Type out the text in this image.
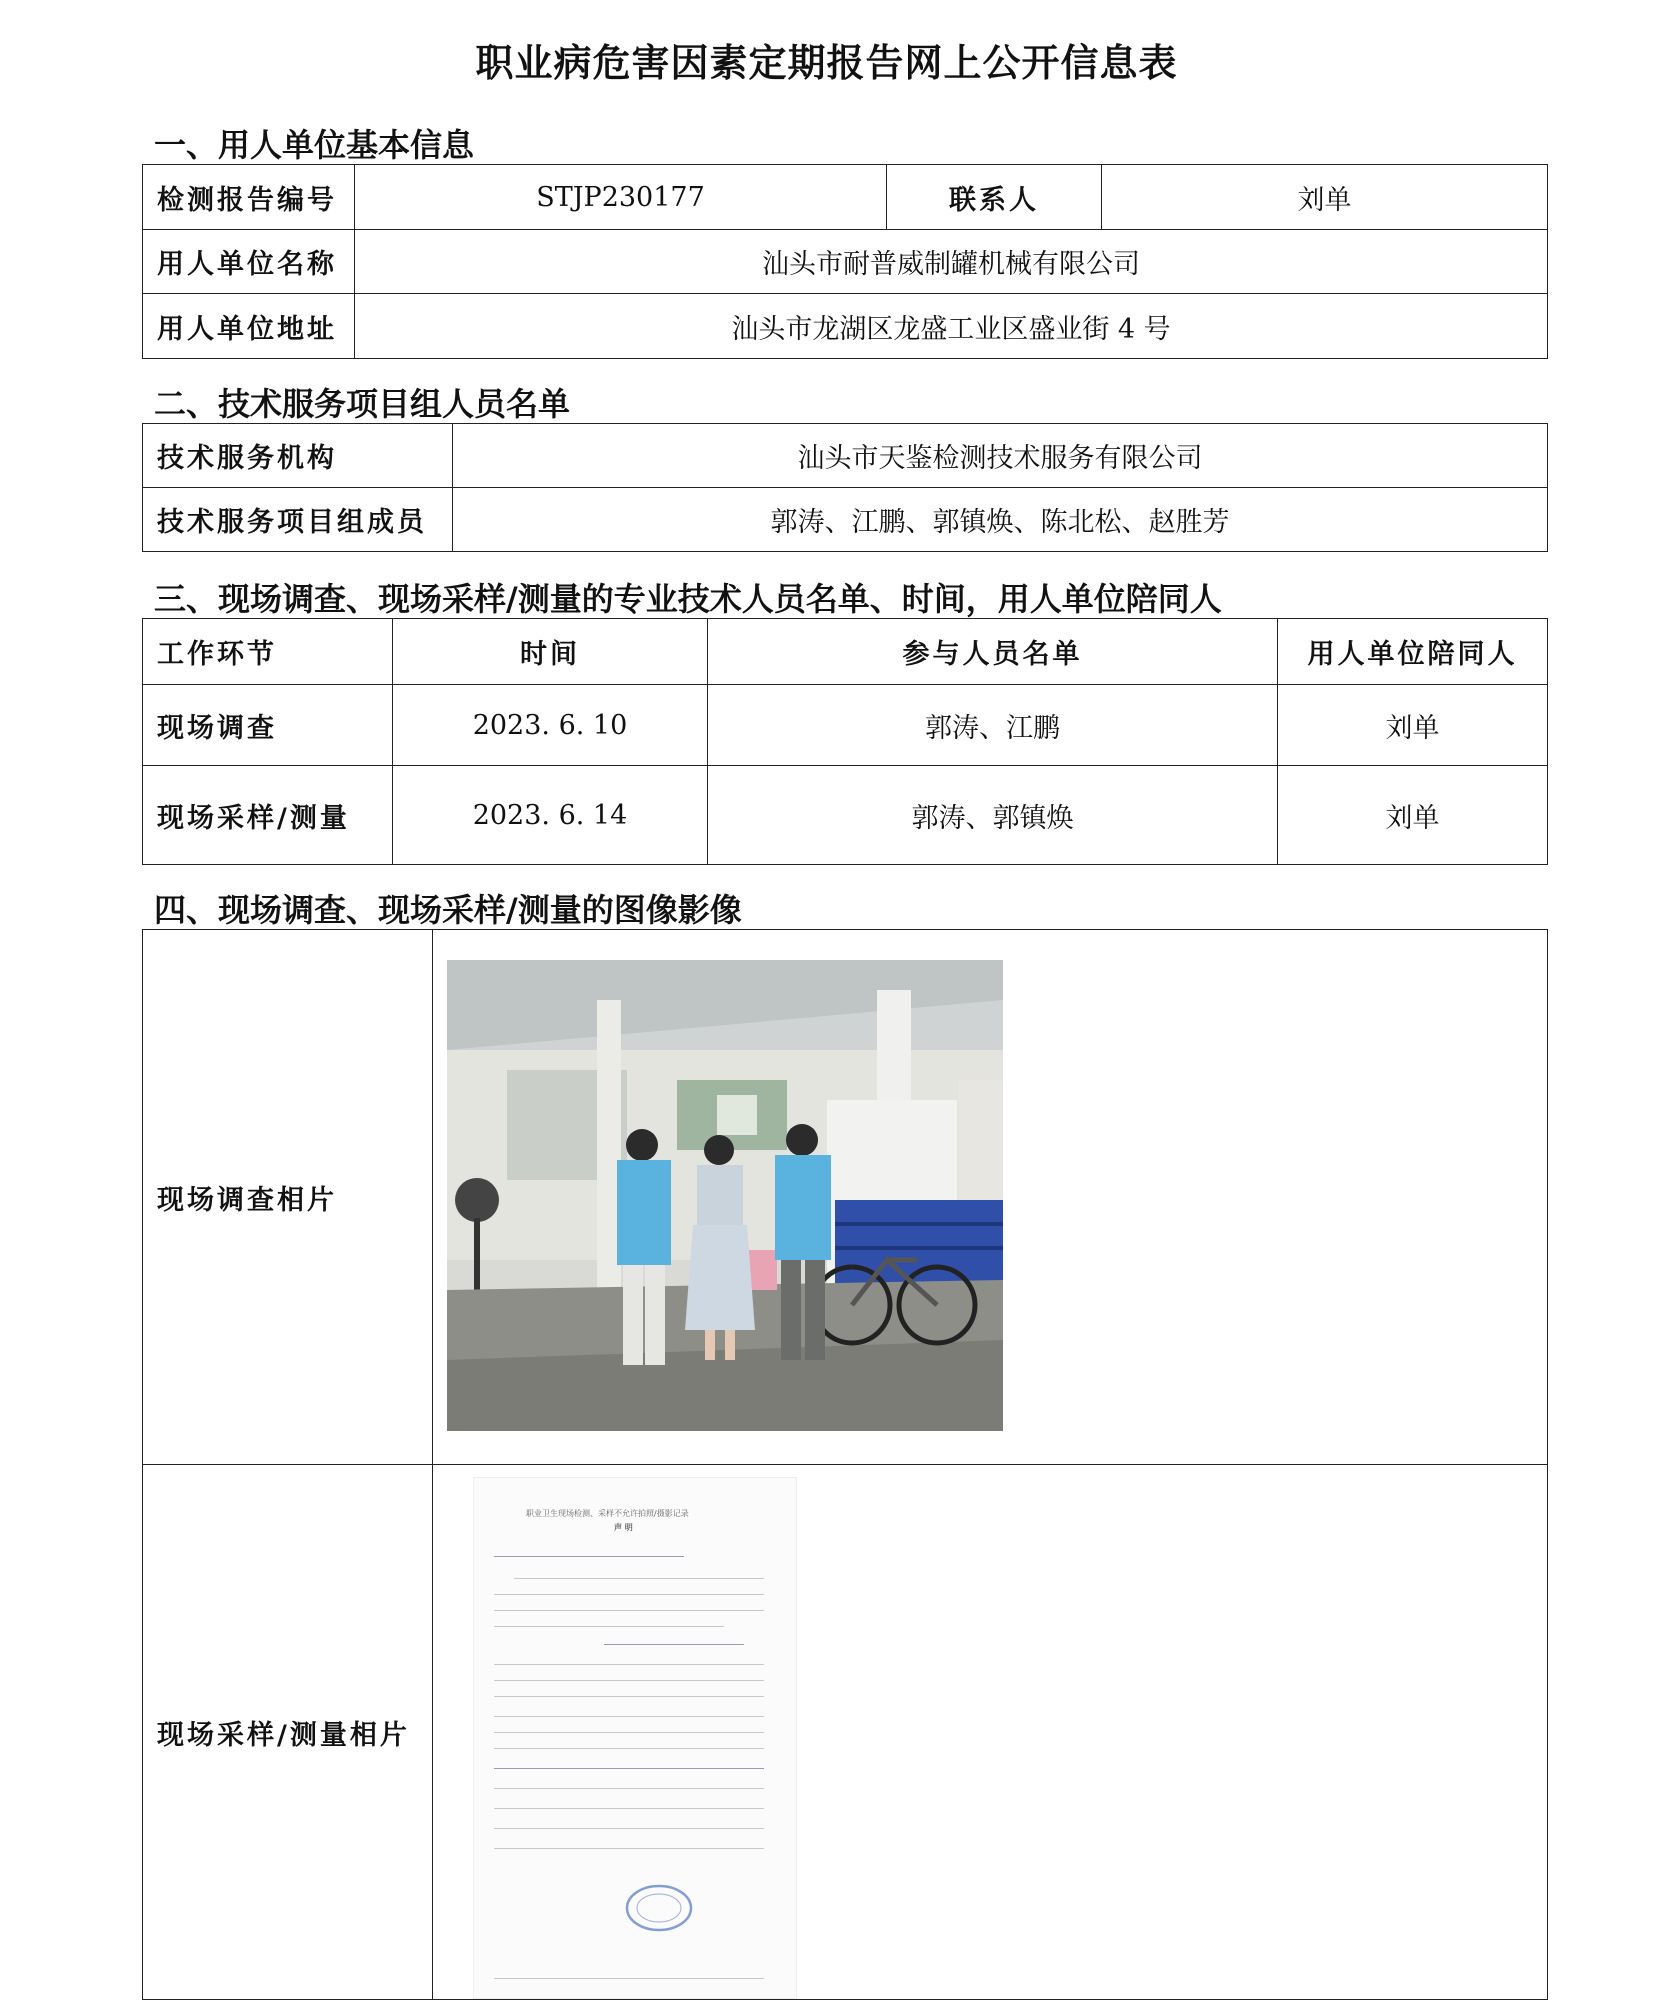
职业病危害因素定期报告网上公开信息表
一、用人单位基本信息
检测报告编号	STJP230177	联系人	刘单
用人单位名称	汕头市耐普威制罐机械有限公司		
用人单位地址	汕头市龙湖区龙盛工业区盛业街 4 号		
二、技术服务项目组人员名单
技术服务机构	汕头市天鉴检测技术服务有限公司
技术服务项目组成员	郭涛、江鹏、郭镇焕、陈北松、赵胜芳
三、现场调查、现场采样/测量的专业技术人员名单、时间，用人单位陪同人
工作环节	时间	参与人员名单	用人单位陪同人
现场调查	2023. 6. 10	郭涛、江鹏	刘单
现场采样/测量	2023. 6. 14	郭涛、郭镇焕	刘单
四、现场调查、现场采样/测量的图像影像
现场调查相片	

现场采样/测量相片	职业卫生现场检测、采样不允许拍照/摄影记录
声 明
